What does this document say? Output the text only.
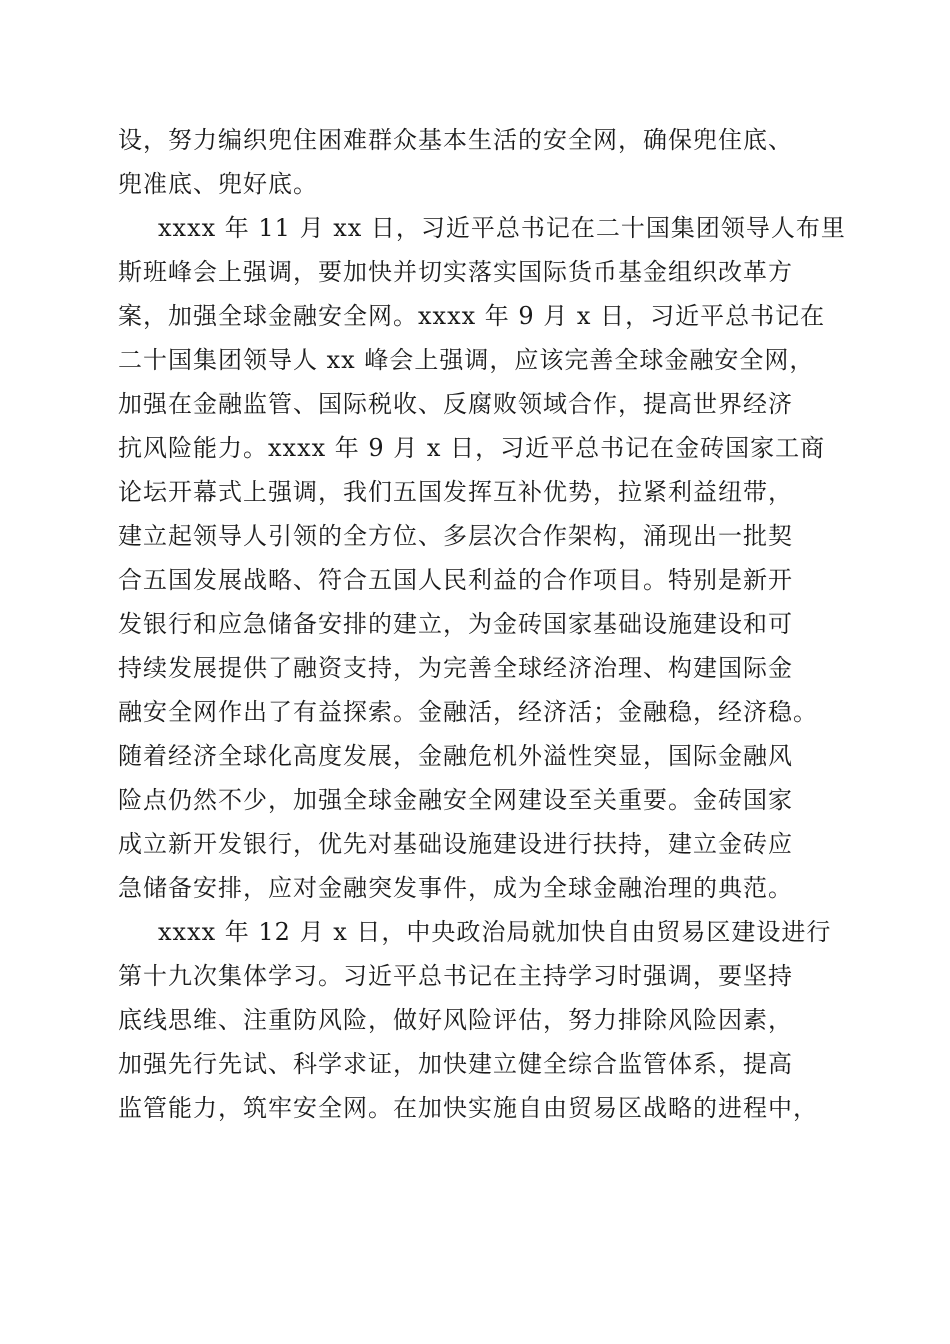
设，努力编织兜住困难群众基本生活的安全网，确保兜住底、
兜准底、兜好底。
xxxx 年 11 月 xx 日，习近平总书记在二十国集团领导人布里
斯班峰会上强调，要加快并切实落实国际货币基金组织改革方
案，加强全球金融安全网。xxxx 年 9 月 x 日，习近平总书记在
二十国集团领导人 xx 峰会上强调，应该完善全球金融安全网，
加强在金融监管、国际税收、反腐败领域合作，提高世界经济
抗风险能力。xxxx 年 9 月 x 日，习近平总书记在金砖国家工商
论坛开幕式上强调，我们五国发挥互补优势，拉紧利益纽带，
建立起领导人引领的全方位、多层次合作架构，涌现出一批契
合五国发展战略、符合五国人民利益的合作项目。特别是新开
发银行和应急储备安排的建立，为金砖国家基础设施建设和可
持续发展提供了融资支持，为完善全球经济治理、构建国际金
融安全网作出了有益探索。金融活，经济活；金融稳，经济稳。
随着经济全球化高度发展，金融危机外溢性突显，国际金融风
险点仍然不少，加强全球金融安全网建设至关重要。金砖国家
成立新开发银行，优先对基础设施建设进行扶持，建立金砖应
急储备安排，应对金融突发事件，成为全球金融治理的典范。
xxxx 年 12 月 x 日，中央政治局就加快自由贸易区建设进行
第十九次集体学习。习近平总书记在主持学习时强调，要坚持
底线思维、注重防风险，做好风险评估，努力排除风险因素，
加强先行先试、科学求证，加快建立健全综合监管体系，提高
监管能力，筑牢安全网。在加快实施自由贸易区战略的进程中，
